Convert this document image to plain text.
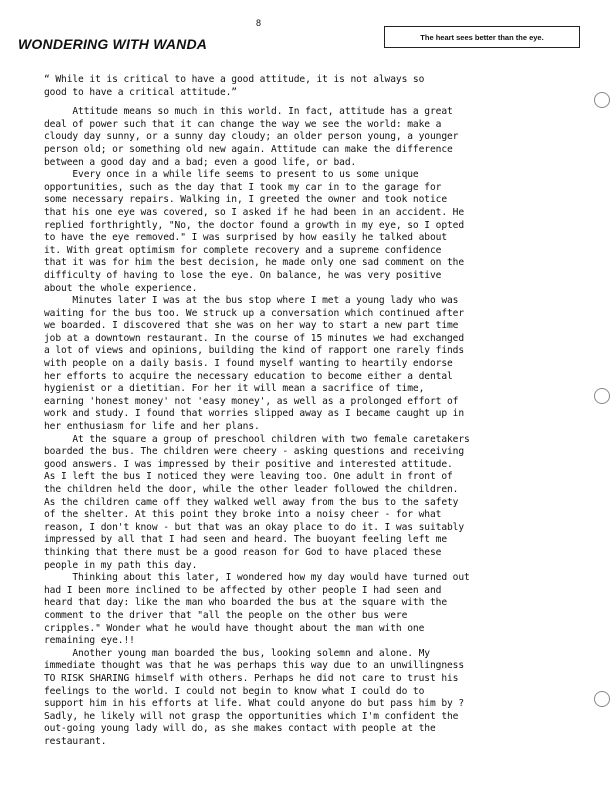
8
WONDERING WITH WANDA	The heart sees better than the eye.
“ While it is critical to have a good attitude, it is not always so
good to have a critical attitude.”
Attitude means so much in this world. In fact, attitude has a great
deal of power such that it can change the way we see the world: make a
cloudy day sunny, or a sunny day cloudy; an older person young, a younger
person old; or something old new again. Attitude can make the difference
between a good day and a bad; even a good life, or bad.
Every once in a while life seems to present to us some unique
opportunities, such as the day that I took my car in to the garage for
some necessary repairs. Walking in, I greeted the owner and took notice
that his one eye was covered, so I asked if he had been in an accident. He
replied forthrightly, "No, the doctor found a growth in my eye, so I opted
to have the eye removed." I was surprised by how easily he talked about
it. With great optimism for complete recovery and a supreme confidence
that it was for him the best decision, he made only one sad comment on the
difficulty of having to lose the eye. On balance, he was very positive
about the whole experience.
Minutes later I was at the bus stop where I met a young lady who was
waiting for the bus too. We struck up a conversation which continued after
we boarded. I discovered that she was on her way to start a new part time
job at a downtown restaurant. In the course of 15 minutes we had exchanged
a lot of views and opinions, building the kind of rapport one rarely finds
with people on a daily basis. I found myself wanting to heartily endorse
her efforts to acquire the necessary education to become either a dental
hygienist or a dietitian. For her it will mean a sacrifice of time,
earning 'honest money' not 'easy money', as well as a prolonged effort of
work and study. I found that worries slipped away as I became caught up in
her enthusiasm for life and her plans.
At the square a group of preschool children with two female caretakers
boarded the bus. The children were cheery - asking questions and receiving
good answers. I was impressed by their positive and interested attitude.
As I left the bus I noticed they were leaving too. One adult in front of
the children held the door, while the other leader followed the children.
As the children came off they walked well away from the bus to the safety
of the shelter. At this point they broke into a noisy cheer - for what
reason, I don't know - but that was an okay place to do it. I was suitably
impressed by all that I had seen and heard. The buoyant feeling left me
thinking that there must be a good reason for God to have placed these
people in my path this day.
Thinking about this later, I wondered how my day would have turned out
had I been more inclined to be affected by other people I had seen and
heard that day: like the man who boarded the bus at the square with the
comment to the driver that "all the people on the other bus were
cripples." Wonder what he would have thought about the man with one
remaining eye.!!
Another young man boarded the bus, looking solemn and alone. My
immediate thought was that he was perhaps this way due to an unwillingness
TO RISK SHARING himself with others. Perhaps he did not care to trust his
feelings to the world. I could not begin to know what I could do to
support him in his efforts at life. What could anyone do but pass him by ?
Sadly, he likely will not grasp the opportunities which I'm confident the
out-going young lady will do, as she makes contact with people at the
restaurant.
